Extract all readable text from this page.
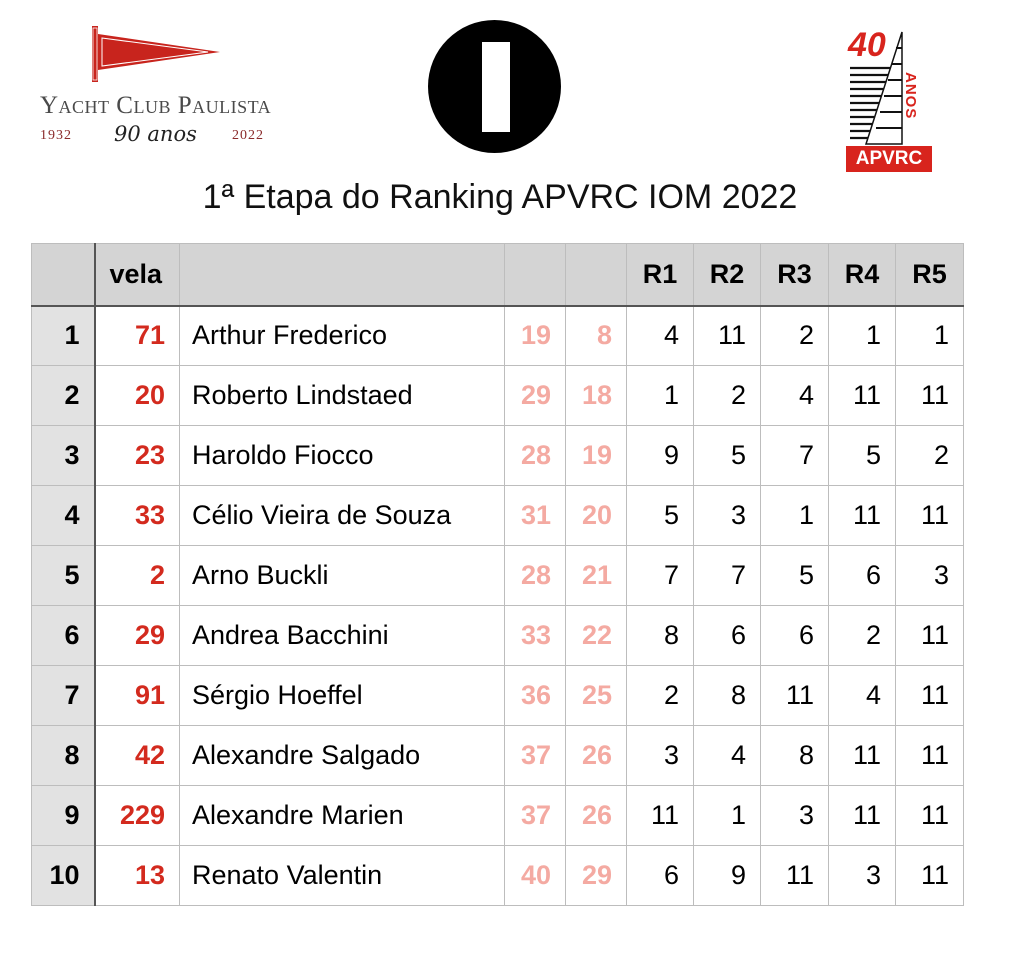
YCP
Yacht Club Paulista
1932 90 anos	2022
40
ANOS
APVRC
1ª Etapa do Ranking APVRC IOM 2022
	vela				R1	R2	R3	R4	R5
1	71	Arthur Frederico	19	8	4	11	2	1	1
2	20	Roberto Lindstaed	29	18	1	2	4	11	11
3	23	Haroldo Fiocco	28	19	9	5	7	5	2
4	33	Célio Vieira de Souza	31	20	5	3	1	11	11
5	2	Arno Buckli	28	21	7	7	5	6	3
6	29	Andrea Bacchini	33	22	8	6	6	2	11
7	91	Sérgio Hoeffel	36	25	2	8	11	4	11
8	42	Alexandre Salgado	37	26	3	4	8	11	11
9	229	Alexandre Marien	37	26	11	1	3	11	11
10	13	Renato Valentin	40	29	6	9	11	3	11
